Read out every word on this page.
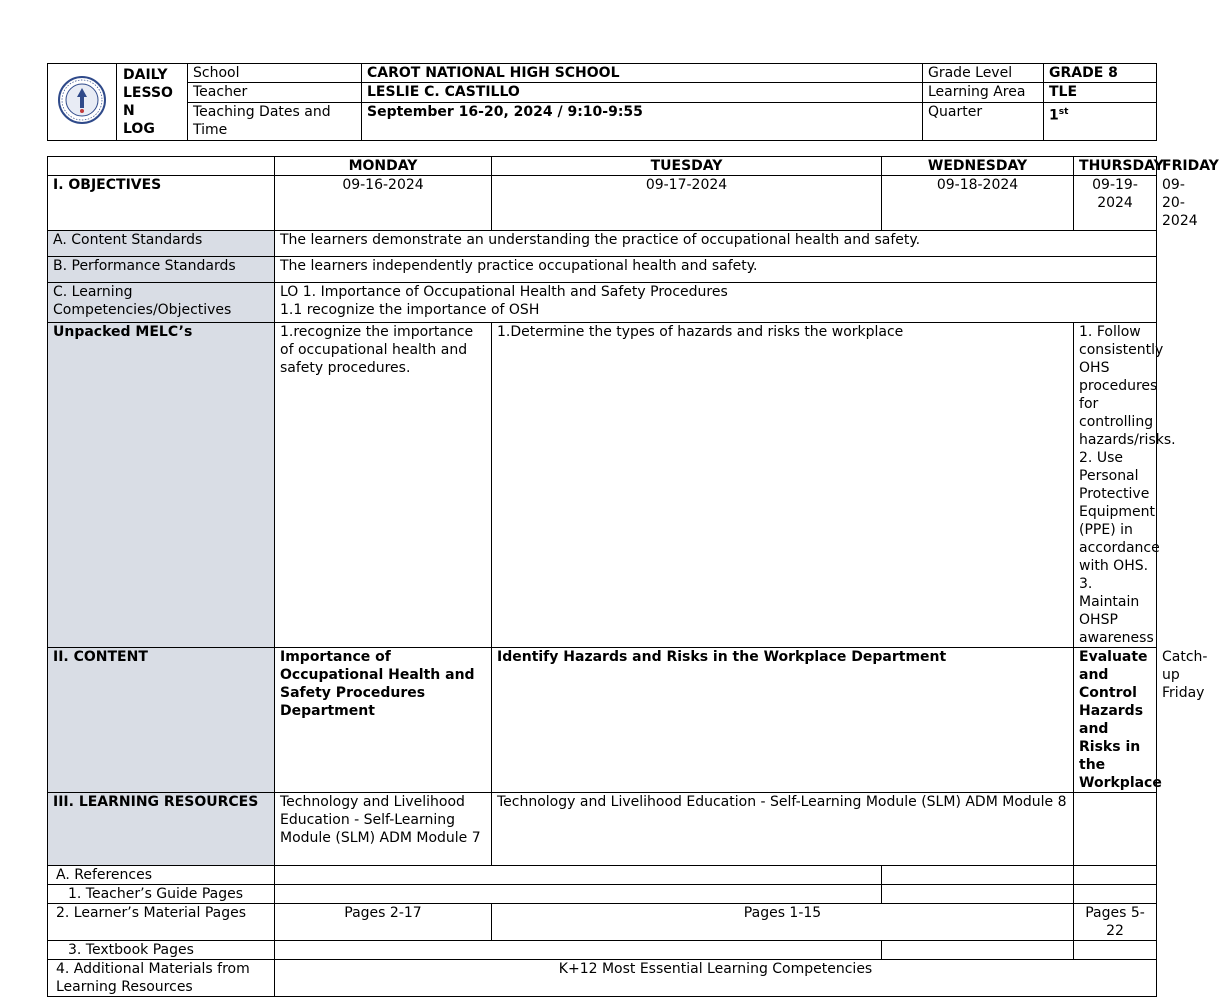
DAILY
LESSO
N
LOG	School	CAROT NATIONAL HIGH SCHOOL	Grade Level	GRADE 8
		Teacher	LESLIE C. CASTILLO	Learning Area	TLE
		Teaching Dates and Time	September 16-20, 2024 / 9:10-9:55	Quarter	1st
	MONDAY	TUESDAY	WEDNESDAY	THURSDAY	FRIDAY
I. OBJECTIVES	09-16-2024	09-17-2024	09-18-2024	09-19-2024	09-20-2024
A. Content Standards	The learners demonstrate an understanding the practice of occupational health and safety.				
B. Performance Standards	The learners independently practice occupational health and safety.				
C. Learning Competencies/Objectives	LO 1. Importance of Occupational Health and Safety Procedures
1.1 recognize the importance of OSH				

Unpacked MELC’s	1.recognize the importance of occupational health and safety procedures.	1.Determine the types of hazards and risks the workplace		1. Follow consistently OHS procedures for controlling hazards/risks. 2. Use Personal Protective Equipment (PPE) in accordance with OHS. 3. Maintain OHSP awareness	
II. CONTENT	Importance of Occupational Health and Safety Procedures Department	Identify Hazards and Risks in the Workplace Department		Evaluate and Control Hazards and Risks in the Workplace	Catch-up Friday
III. LEARNING RESOURCES	Technology and Livelihood Education - Self-Learning Module (SLM) ADM Module 7	Technology and Livelihood Education - Self-Learning Module (SLM) ADM Module 8			
A. References					
1. Teacher’s Guide Pages					
2. Learner’s Material Pages	Pages 2-17	Pages 1-15		Pages 5-22	
3. Textbook Pages					
4. Additional Materials from Learning Resources	K+12 Most Essential Learning Competencies				
